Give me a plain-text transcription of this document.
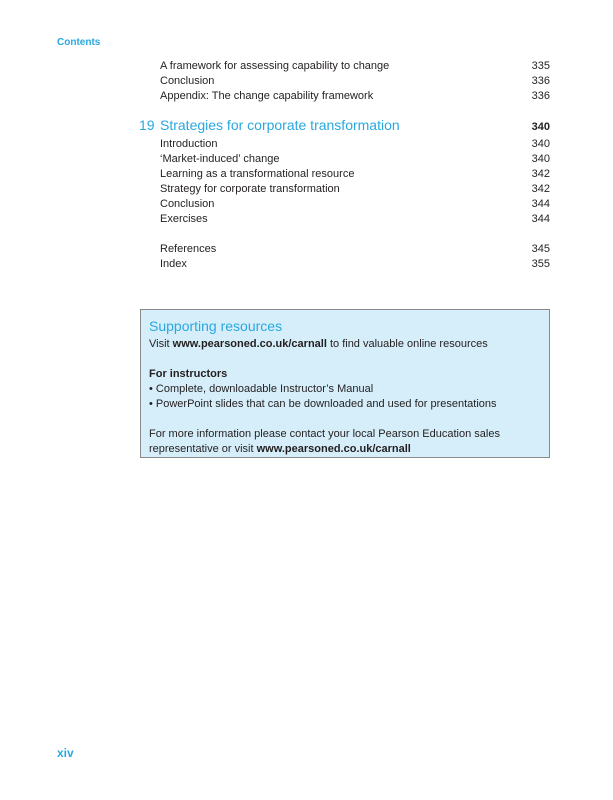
Contents
A framework for assessing capability to change	335
Conclusion	336
Appendix: The change capability framework	336
19 Strategies for corporate transformation	340
Introduction	340
‘Market-induced’ change	340
Learning as a transformational resource	342
Strategy for corporate transformation	342
Conclusion	344
Exercises	344
References	345
Index	355
Supporting resources

Visit www.pearsoned.co.uk/carnall to find valuable online resources

For instructors

• Complete, downloadable Instructor’s Manual

• PowerPoint slides that can be downloaded and used for presentations

For more information please contact your local Pearson Education sales

representative or visit www.pearsoned.co.uk/carnall

xiv
